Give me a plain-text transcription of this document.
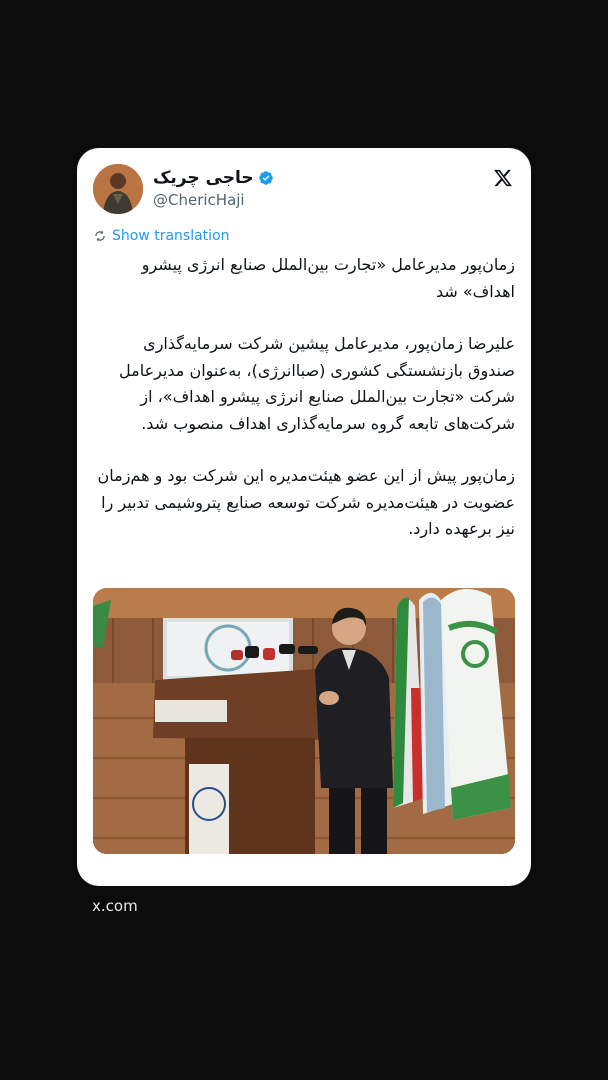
حاجی چریک
@ChericHaji
Show translation

زمان‌پور مدیرعامل «تجارت بین‌الملل صنایع انرژی پیشرو اهداف» شد

علیرضا زمان‌پور، مدیرعامل پیشین شرکت سرمایه‌گذاری صندوق بازنشستگی کشوری (صباانرژی)، به‌عنوان مدیرعامل شرکت «تجارت بین‌الملل صنایع انرژی پیشرو اهداف»، از شرکت‌های تابعه گروه سرمایه‌گذاری اهداف منصوب شد.

زمان‌پور پیش از این عضو هیئت‌مدیره این شرکت بود و هم‌زمان عضویت در هیئت‌مدیره شرکت توسعه صنایع پتروشیمی تدبیر را نیز برعهده دارد.

x.com
